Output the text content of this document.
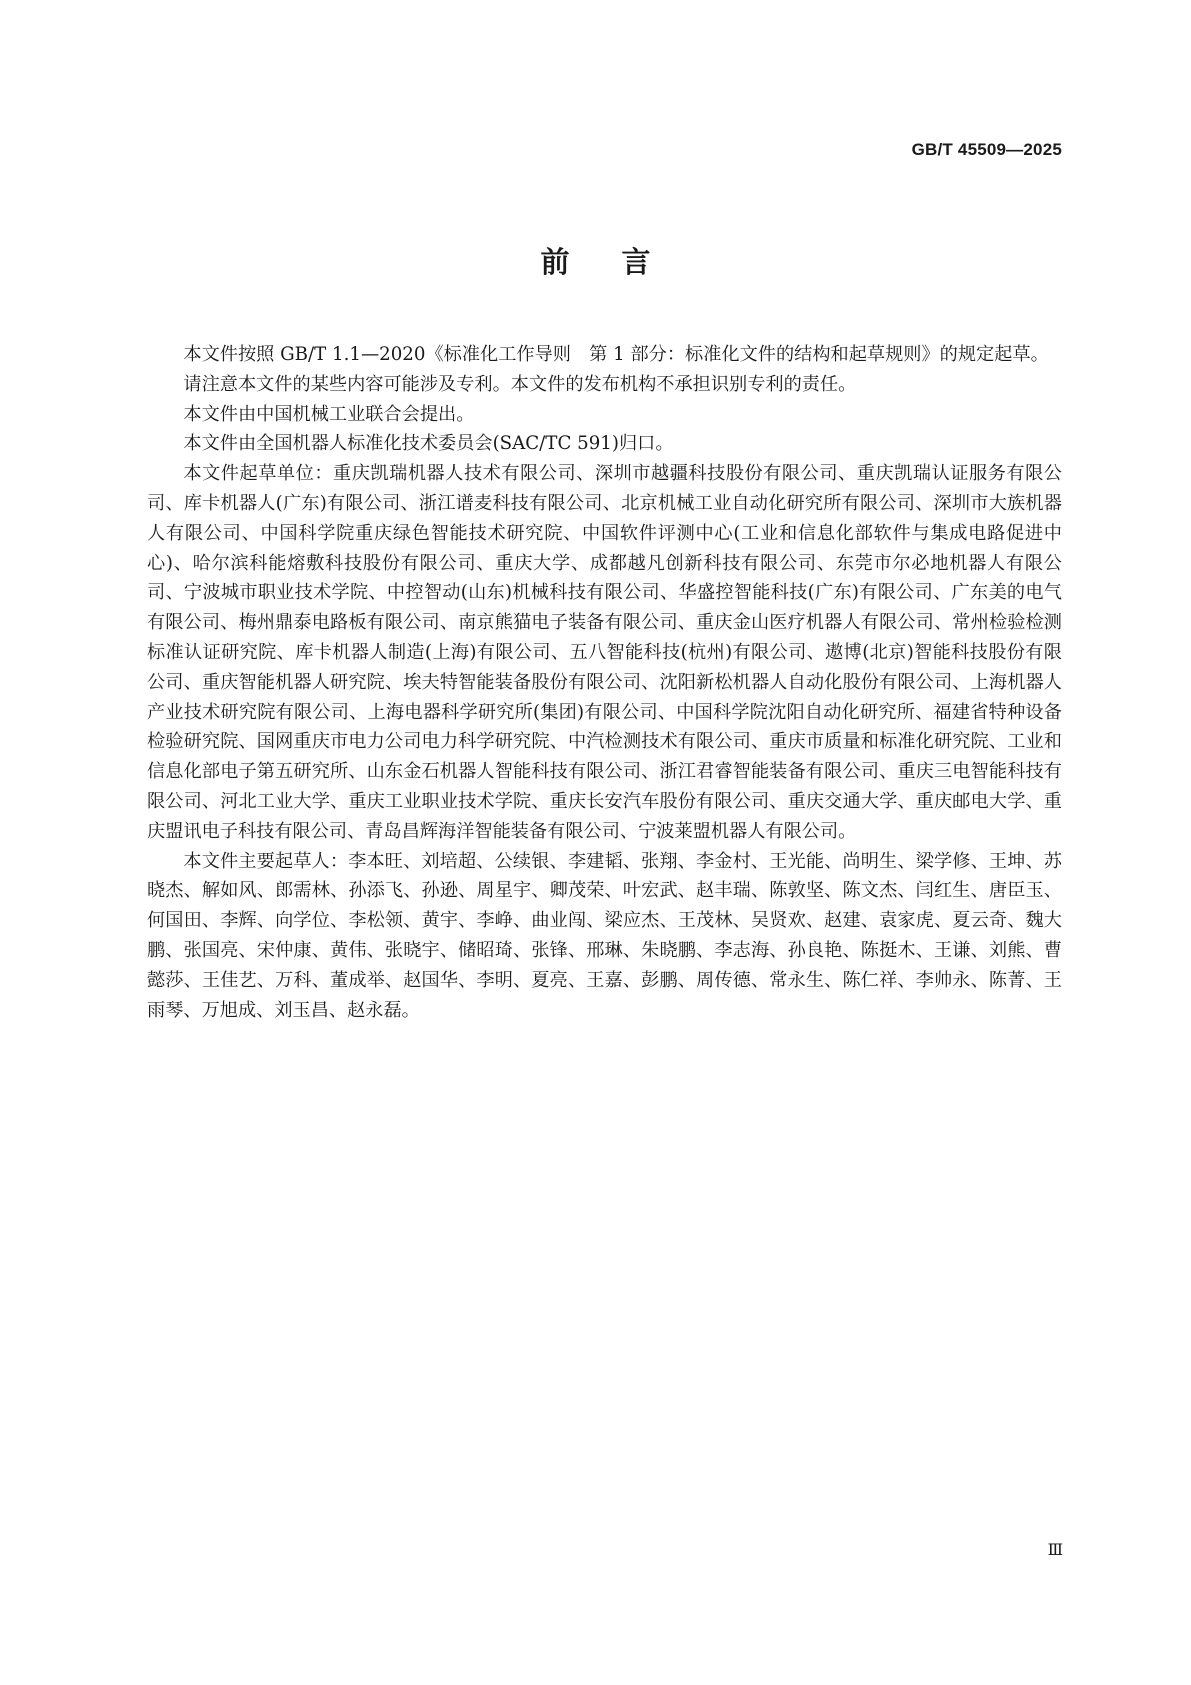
GB/T 45509—2025
前言

本文件按照 GB/T 1.1—2020《标准化工作导则　第 1 部分：标准化文件的结构和起草规则》的规定起草。

请注意本文件的某些内容可能涉及专利。本文件的发布机构不承担识别专利的责任。

本文件由中国机械工业联合会提出。

本文件由全国机器人标准化技术委员会(SAC/TC 591)归口。

本文件起草单位：重庆凯瑞机器人技术有限公司、深圳市越疆科技股份有限公司、重庆凯瑞认证服务有限公司、库卡机器人(广东)有限公司、浙江谱麦科技有限公司、北京机械工业自动化研究所有限公司、深圳市大族机器人有限公司、中国科学院重庆绿色智能技术研究院、中国软件评测中心(工业和信息化部软件与集成电路促进中心)、哈尔滨科能熔敷科技股份有限公司、重庆大学、成都越凡创新科技有限公司、东莞市尔必地机器人有限公司、宁波城市职业技术学院、中控智动(山东)机械科技有限公司、华盛控智能科技(广东)有限公司、广东美的电气有限公司、梅州鼎泰电路板有限公司、南京熊猫电子装备有限公司、重庆金山医疗机器人有限公司、常州检验检测标准认证研究院、库卡机器人制造(上海)有限公司、五八智能科技(杭州)有限公司、遨博(北京)智能科技股份有限公司、重庆智能机器人研究院、埃夫特智能装备股份有限公司、沈阳新松机器人自动化股份有限公司、上海机器人产业技术研究院有限公司、上海电器科学研究所(集团)有限公司、中国科学院沈阳自动化研究所、福建省特种设备检验研究院、国网重庆市电力公司电力科学研究院、中汽检测技术有限公司、重庆市质量和标准化研究院、工业和信息化部电子第五研究所、山东金石机器人智能科技有限公司、浙江君睿智能装备有限公司、重庆三电智能科技有限公司、河北工业大学、重庆工业职业技术学院、重庆长安汽车股份有限公司、重庆交通大学、重庆邮电大学、重庆盟讯电子科技有限公司、青岛昌辉海洋智能装备有限公司、宁波莱盟机器人有限公司。

本文件主要起草人：李本旺、刘培超、公续银、李建韬、张翔、李金村、王光能、尚明生、梁学修、王坤、苏晓杰、解如风、郎需林、孙添飞、孙逊、周星宇、卿茂荣、叶宏武、赵丰瑞、陈敦坚、陈文杰、闫红生、唐臣玉、何国田、李辉、向学位、李松领、黄宇、李峥、曲业闯、梁应杰、王茂林、吴贤欢、赵建、袁家虎、夏云奇、魏大鹏、张国亮、宋仲康、黄伟、张晓宇、储昭琦、张锋、邢琳、朱晓鹏、李志海、孙良艳、陈挺木、王谦、刘熊、曹懿莎、王佳艺、万科、董成举、赵国华、李明、夏亮、王嘉、彭鹏、周传德、常永生、陈仁祥、李帅永、陈菁、王雨琴、万旭成、刘玉昌、赵永磊。

Ⅲ
